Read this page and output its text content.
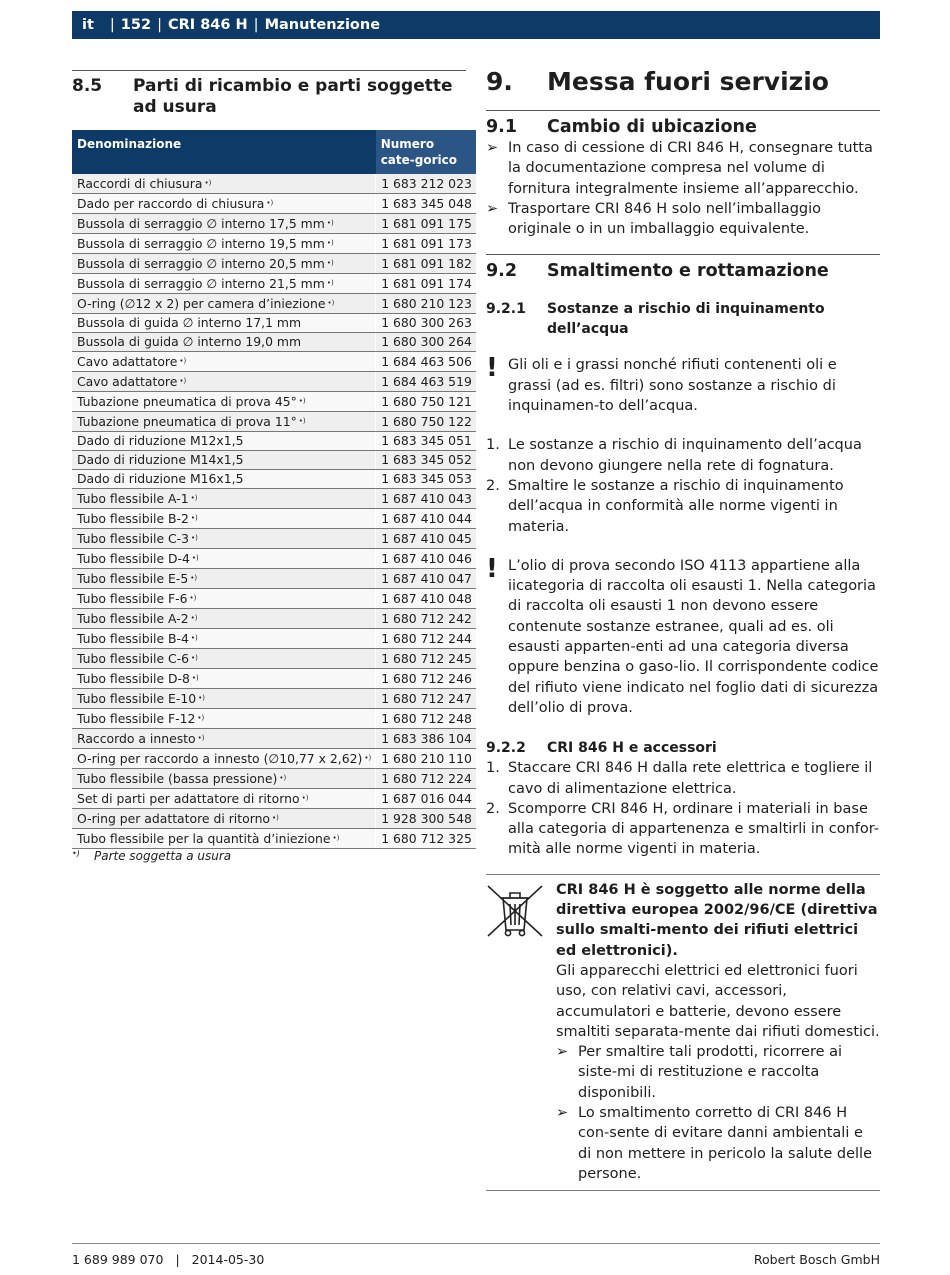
it | 152 | CRI 846 H | Manutenzione
8.5	Parti di ricambio e parti soggette ad usura
Denominazione	Numero cate-gorico
Raccordi di chiusura •)	1 683 212 023
Dado per raccordo di chiusura •)	1 683 345 048
Bussola di serraggio ∅ interno 17,5 mm •)	1 681 091 175
Bussola di serraggio ∅ interno 19,5 mm •)	1 681 091 173
Bussola di serraggio ∅ interno 20,5 mm •)	1 681 091 182
Bussola di serraggio ∅ interno 21,5 mm •)	1 681 091 174
O-ring (∅12 x 2) per camera d’iniezione •)	1 680 210 123
Bussola di guida ∅ interno 17,1 mm	1 680 300 263
Bussola di guida ∅ interno 19,0 mm	1 680 300 264
Cavo adattatore •)	1 684 463 506
Cavo adattatore •)	1 684 463 519
Tubazione pneumatica di prova 45° •)	1 680 750 121
Tubazione pneumatica di prova 11° •)	1 680 750 122
Dado di riduzione M12x1,5	1 683 345 051
Dado di riduzione M14x1,5	1 683 345 052
Dado di riduzione M16x1,5	1 683 345 053
Tubo flessibile A-1 •)	1 687 410 043
Tubo flessibile B-2 •)	1 687 410 044
Tubo flessibile C-3 •)	1 687 410 045
Tubo flessibile D-4 •)	1 687 410 046
Tubo flessibile E-5 •)	1 687 410 047
Tubo flessibile F-6 •)	1 687 410 048
Tubo flessibile A-2 •)	1 680 712 242
Tubo flessibile B-4 •)	1 680 712 244
Tubo flessibile C-6 •)	1 680 712 245
Tubo flessibile D-8 •)	1 680 712 246
Tubo flessibile E-10 •)	1 680 712 247
Tubo flessibile F-12 •)	1 680 712 248
Raccordo a innesto •)	1 683 386 104
O-ring per raccordo a innesto (∅10,77 x 2,62) •)	1 680 210 110
Tubo flessibile (bassa pressione) •)	1 680 712 224
Set di parti per adattatore di ritorno •)	1 687 016 044
O-ring per adattatore di ritorno •)	1 928 300 548
Tubo flessibile per la quantità d’iniezione •)	1 680 712 325
•)	Parte soggetta a usura
9.	Messa fuori servizio
9.1	Cambio di ubicazione
➢ In caso di cessione di CRI 846 H, consegnare tutta la documentazione compresa nel volume di fornitura integralmente insieme all’apparecchio.
➢ Trasportare CRI 846 H solo nell’imballaggio originale o in un imballaggio equivalente.
9.2	Smaltimento e rottamazione
9.2.1	Sostanze a rischio di inquinamento dell’acqua
! Gli oli e i grassi nonché rifiuti contenenti oli e grassi (ad es. filtri) sono sostanze a rischio di inquinamen-to dell’acqua.
1. Le sostanze a rischio di inquinamento dell’acqua non devono giungere nella rete di fognatura.
2. Smaltire le sostanze a rischio di inquinamento dell’acqua in conformità alle norme vigenti in materia.
! L’olio di prova secondo ISO 4113 appartiene alla iicategoria di raccolta oli esausti 1. Nella categoria di raccolta oli esausti 1 non devono essere contenute sostanze estranee, quali ad es. oli esausti apparten-enti ad una categoria diversa oppure benzina o gaso-lio. Il corrispondente codice del rifiuto viene indicato nel foglio dati di sicurezza dell’olio di prova.
9.2.2	CRI 846 H e accessori
1. Staccare CRI 846 H dalla rete elettrica e togliere il cavo di alimentazione elettrica.
2. Scomporre CRI 846 H, ordinare i materiali in base alla categoria di appartenenza e smaltirli in confor-mità alle norme vigenti in materia.
CRI 846 H è soggetto alle norme della direttiva europea 2002/96/CE (direttiva sullo smalti-mento dei rifiuti elettrici ed elettronici).
Gli apparecchi elettrici ed elettronici fuori uso, con relativi cavi, accessori, accumulatori e batterie, devono essere smaltiti separata-mente dai rifiuti domestici.
➢ Per smaltire tali prodotti, ricorrere ai siste-mi di restituzione e raccolta disponibili.
➢ Lo smaltimento corretto di CRI 846 H con-sente di evitare danni ambientali e di non mettere in pericolo la salute delle persone.
1 689 989 070 | 2014-05-30	Robert Bosch GmbH
